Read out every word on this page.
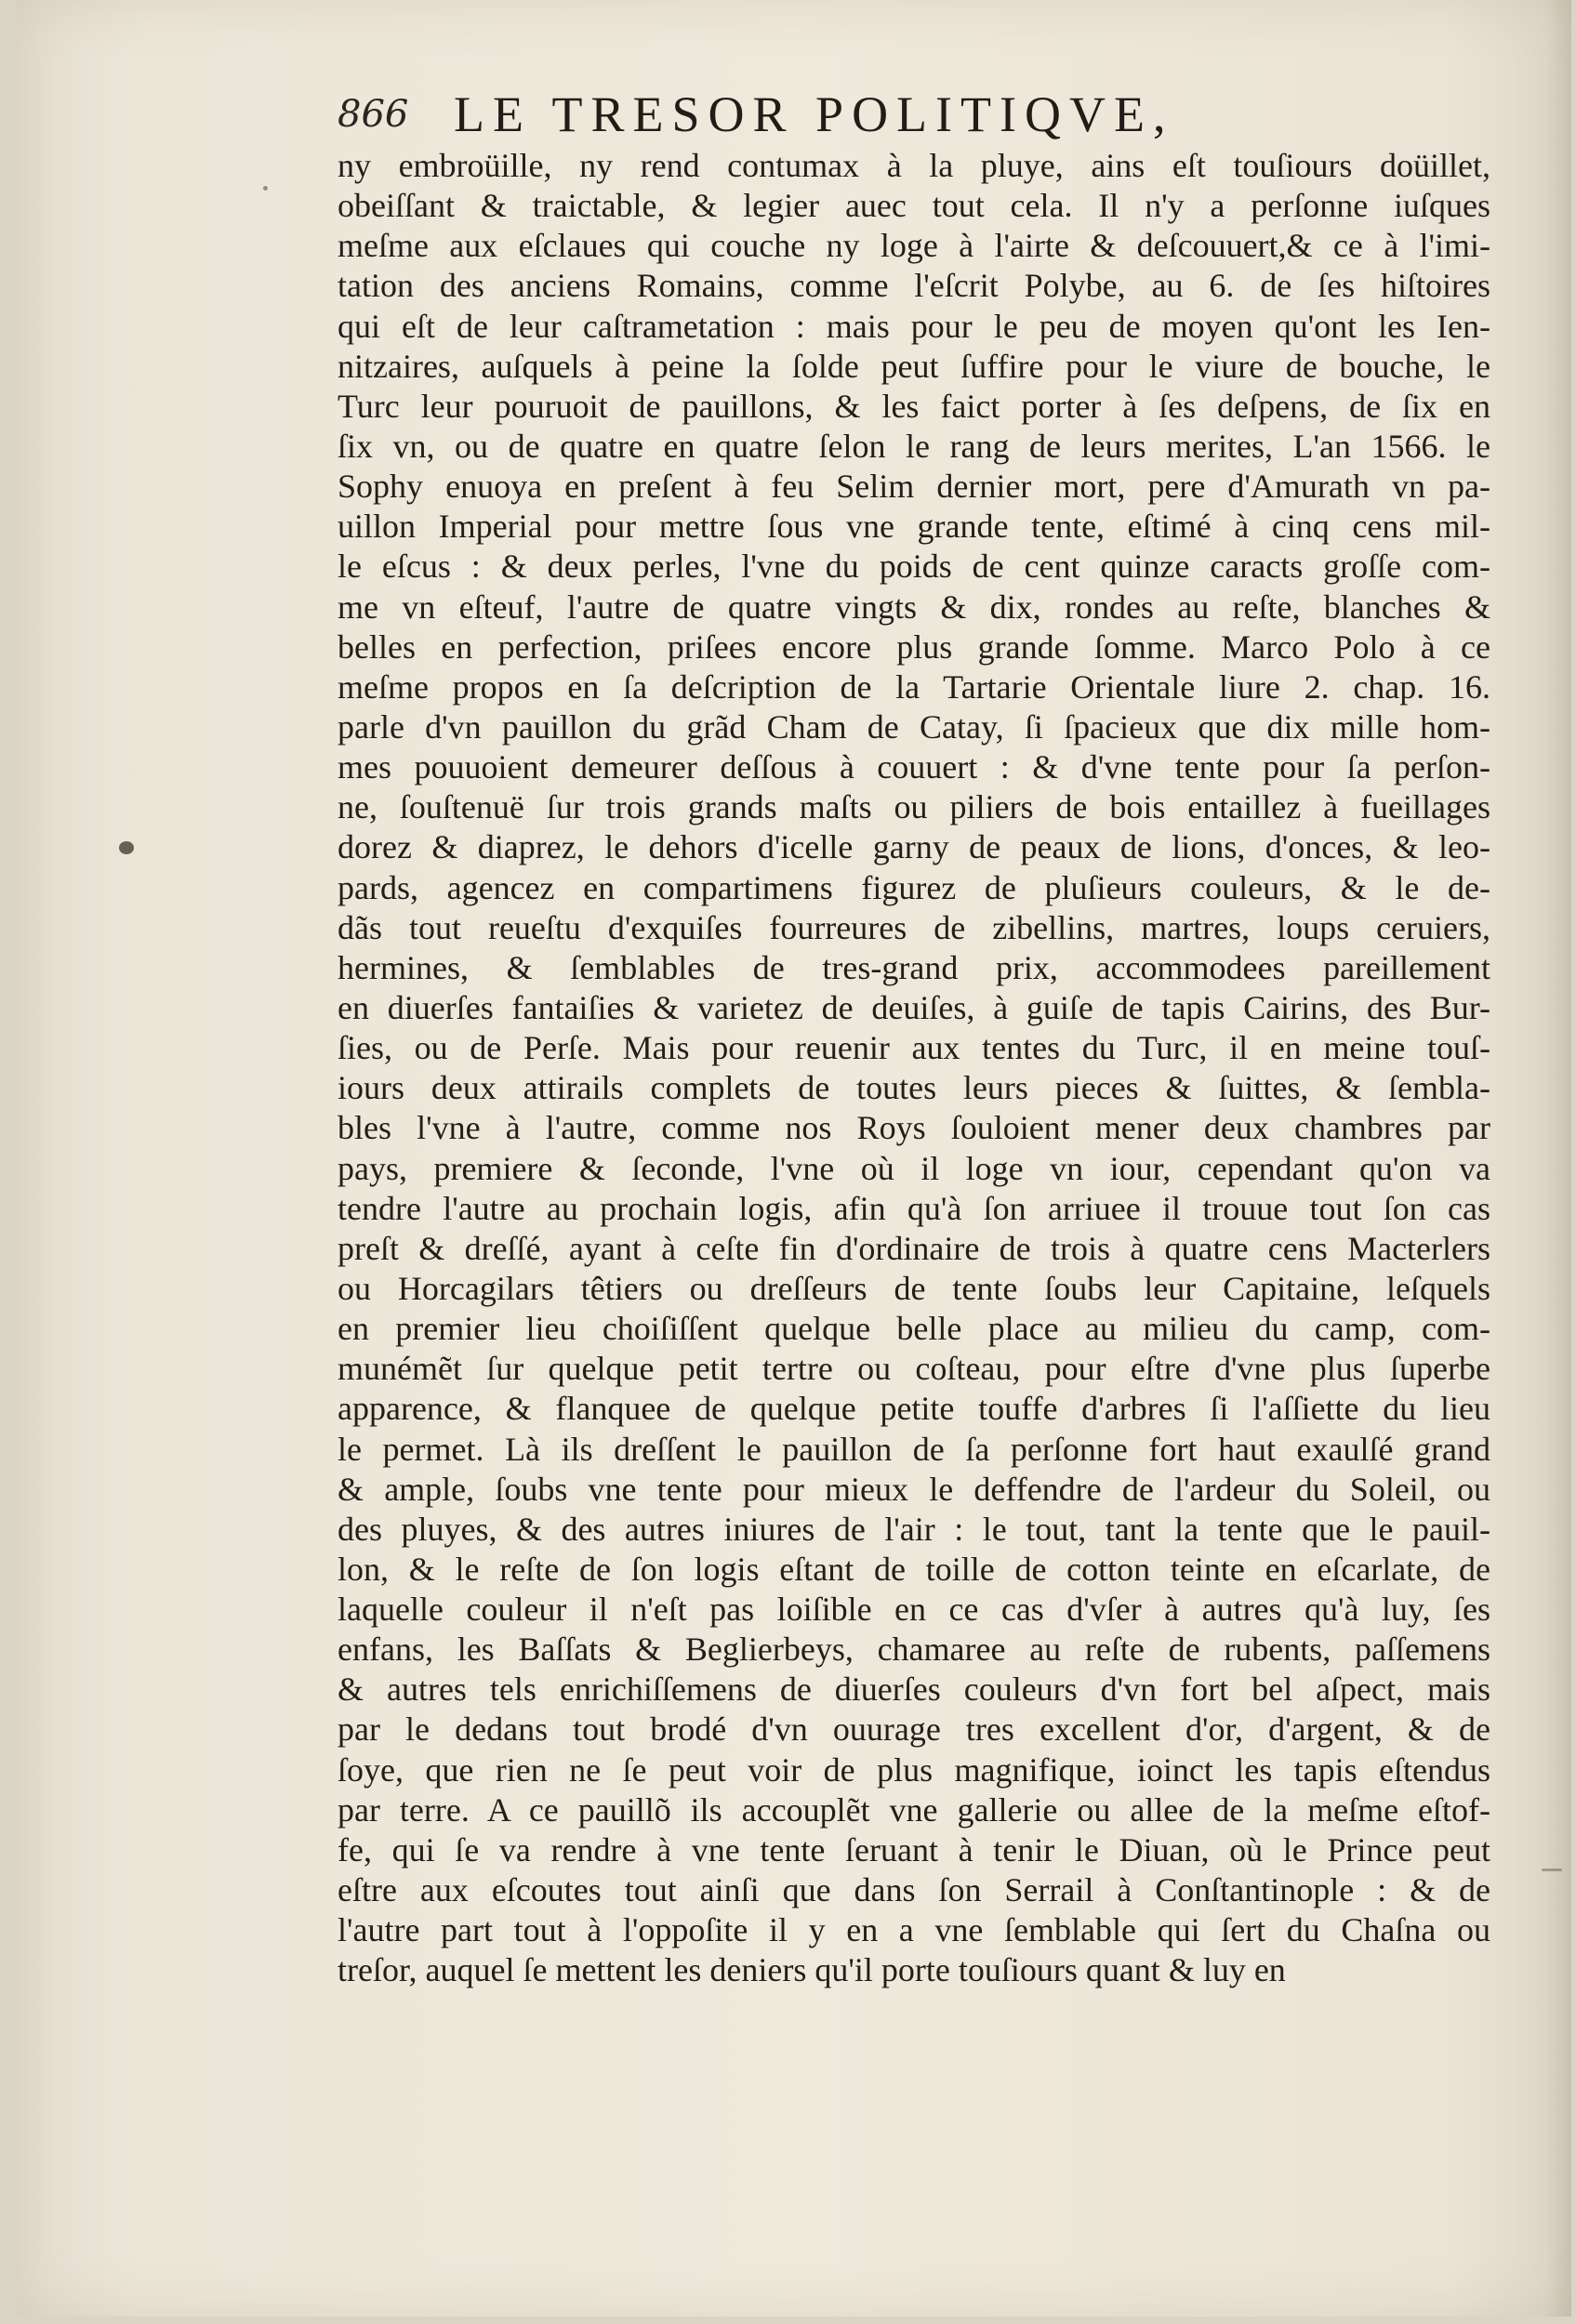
866 LE TRESOR POLITIQVE,
ny embroüille, ny rend contumax à la pluye, ains eſt touſiours doüillet,
obeiſſant & traictable, & legier auec tout cela. Il n'y a perſonne iuſques
meſme aux eſclaues qui couche ny loge à l'airte & deſcouuert,& ce à l'imi-
tation des anciens Romains, comme l'eſcrit Polybe, au 6. de ſes hiſtoires
qui eſt de leur caſtrametation : mais pour le peu de moyen qu'ont les Ien-
nitzaires, auſquels à peine la ſolde peut ſuffire pour le viure de bouche, le
Turc leur pouruoit de pauillons, & les faict porter à ſes deſpens, de ſix en
ſix vn, ou de quatre en quatre ſelon le rang de leurs merites, L'an 1566. le
Sophy enuoya en preſent à feu Selim dernier mort, pere d'Amurath vn pa-
uillon Imperial pour mettre ſous vne grande tente, eſtimé à cinq cens mil-
le eſcus : & deux perles, l'vne du poids de cent quinze caracts groſſe com-
me vn eſteuf, l'autre de quatre vingts & dix, rondes au reſte, blanches &
belles en perfection, priſees encore plus grande ſomme. Marco Polo à ce
meſme propos en ſa deſcription de la Tartarie Orientale liure 2. chap. 16.
parle d'vn pauillon du grãd Cham de Catay, ſi ſpacieux que dix mille hom-
mes pouuoient demeurer deſſous à couuert : & d'vne tente pour ſa perſon-
ne, ſouſtenuë ſur trois grands maſts ou piliers de bois entaillez à fueillages
dorez & diaprez, le dehors d'icelle garny de peaux de lions, d'onces, & leo-
pards, agencez en compartimens figurez de pluſieurs couleurs, & le de-
dãs tout reueſtu d'exquiſes fourreures de zibellins, martres, loups ceruiers,
hermines, & ſemblables de tres-grand prix, accommodees pareillement
en diuerſes fantaiſies & varietez de deuiſes, à guiſe de tapis Cairins, des Bur-
ſies, ou de Perſe. Mais pour reuenir aux tentes du Turc, il en meine touſ-
iours deux attirails complets de toutes leurs pieces & ſuittes, & ſembla-
bles l'vne à l'autre, comme nos Roys ſouloient mener deux chambres par
pays, premiere & ſeconde, l'vne où il loge vn iour, cependant qu'on va
tendre l'autre au prochain logis, afin qu'à ſon arriuee il trouue tout ſon cas
preſt & dreſſé, ayant à ceſte fin d'ordinaire de trois à quatre cens Macterlers
ou Horcagilars têtiers ou dreſſeurs de tente ſoubs leur Capitaine, leſquels
en premier lieu choiſiſſent quelque belle place au milieu du camp, com-
munémẽt ſur quelque petit tertre ou coſteau, pour eſtre d'vne plus ſuperbe
apparence, & flanquee de quelque petite touffe d'arbres ſi l'aſſiette du lieu
le permet. Là ils dreſſent le pauillon de ſa perſonne fort haut exaulſé grand
& ample, ſoubs vne tente pour mieux le deffendre de l'ardeur du Soleil, ou
des pluyes, & des autres iniures de l'air : le tout, tant la tente que le pauil-
lon, & le reſte de ſon logis eſtant de toille de cotton teinte en eſcarlate, de
laquelle couleur il n'eſt pas loiſible en ce cas d'vſer à autres qu'à luy, ſes
enfans, les Baſſats & Beglierbeys, chamaree au reſte de rubents, paſſemens
& autres tels enrichiſſemens de diuerſes couleurs d'vn fort bel aſpect, mais
par le dedans tout brodé d'vn ouurage tres excellent d'or, d'argent, & de
ſoye, que rien ne ſe peut voir de plus magnifique, ioinct les tapis eſtendus
par terre. A ce pauillõ ils accouplẽt vne gallerie ou allee de la meſme eſtof-
fe, qui ſe va rendre à vne tente ſeruant à tenir le Diuan, où le Prince peut
eſtre aux eſcoutes tout ainſi que dans ſon Serrail à Conſtantinople : & de
l'autre part tout à l'oppoſite il y en a vne ſemblable qui ſert du Chaſna ou
treſor, auquel ſe mettent les deniers qu'il porte touſiours quant & luy en
